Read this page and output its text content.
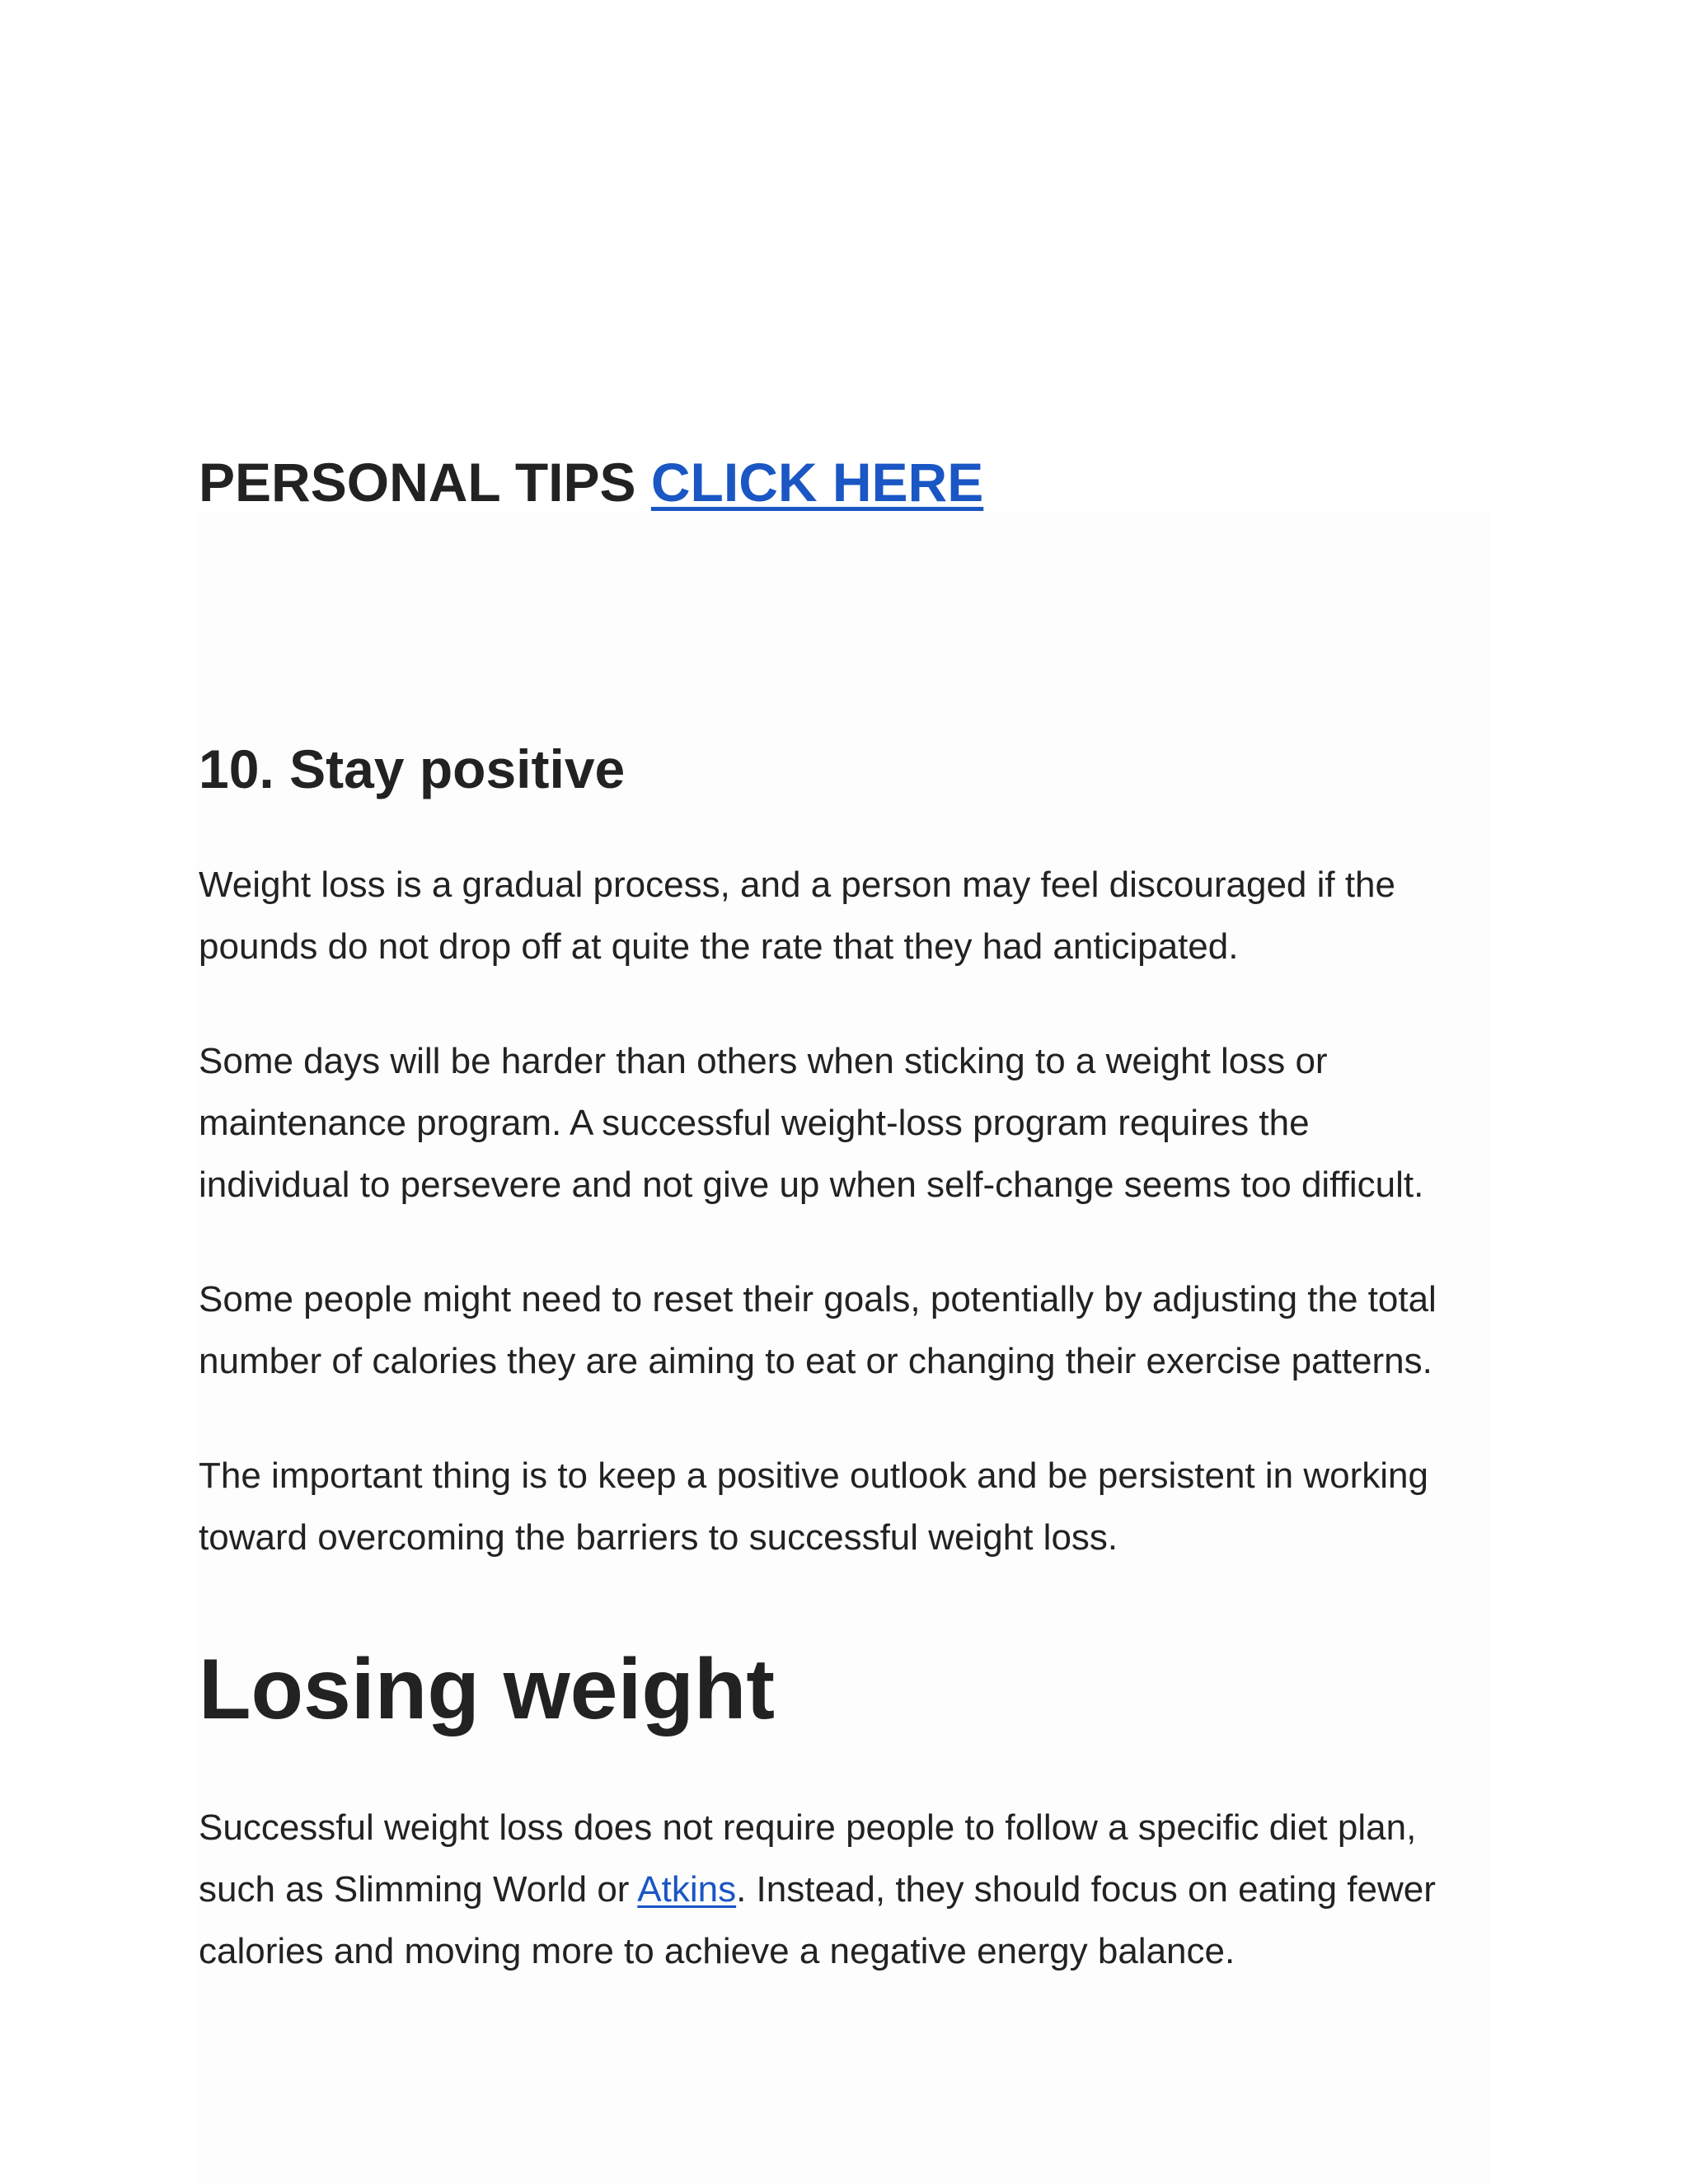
PERSONAL TIPS CLICK HERE
10. Stay positive

Weight loss is a gradual process, and a person may feel discouraged if the
pounds do not drop off at quite the rate that they had anticipated.

Some days will be harder than others when sticking to a weight loss or
maintenance program. A successful weight-loss program requires the
individual to persevere and not give up when self-change seems too difficult.

Some people might need to reset their goals, potentially by adjusting the total
number of calories they are aiming to eat or changing their exercise patterns.

The important thing is to keep a positive outlook and be persistent in working
toward overcoming the barriers to successful weight loss.

Losing weight

Successful weight loss does not require people to follow a specific diet plan,
such as Slimming World or Atkins. Instead, they should focus on eating fewer
calories and moving more to achieve a negative energy balance.
